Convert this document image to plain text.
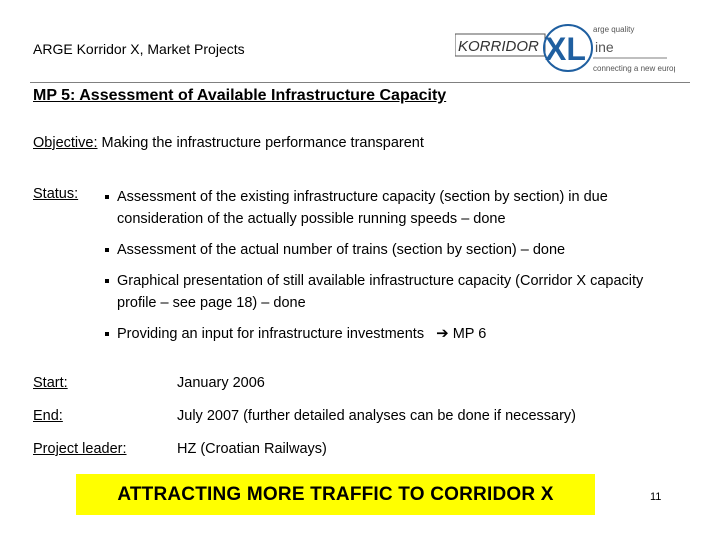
ARGE Korridor X, Market Projects	KORRIDOR XL
arge quality
ine
connecting a new europe
MP 5: Assessment of Available Infrastructure Capacity
Objective: Making the infrastructure performance transparent
Status:	Assessment of the existing infrastructure capacity (section by section) in due consideration of the actually possible running speeds – done
Assessment of the actual number of trains (section by section) – done
Graphical presentation of still available infrastructure capacity (Corridor X capacity profile – see page 18) – done
Providing an input for infrastructure investments ➔ MP 6
Start:	January 2006
End:	July 2007 (further detailed analyses can be done if necessary)
Project leader:	HZ (Croatian Railways)
ATTRACTING MORE TRAFFIC TO CORRIDOR X	11
